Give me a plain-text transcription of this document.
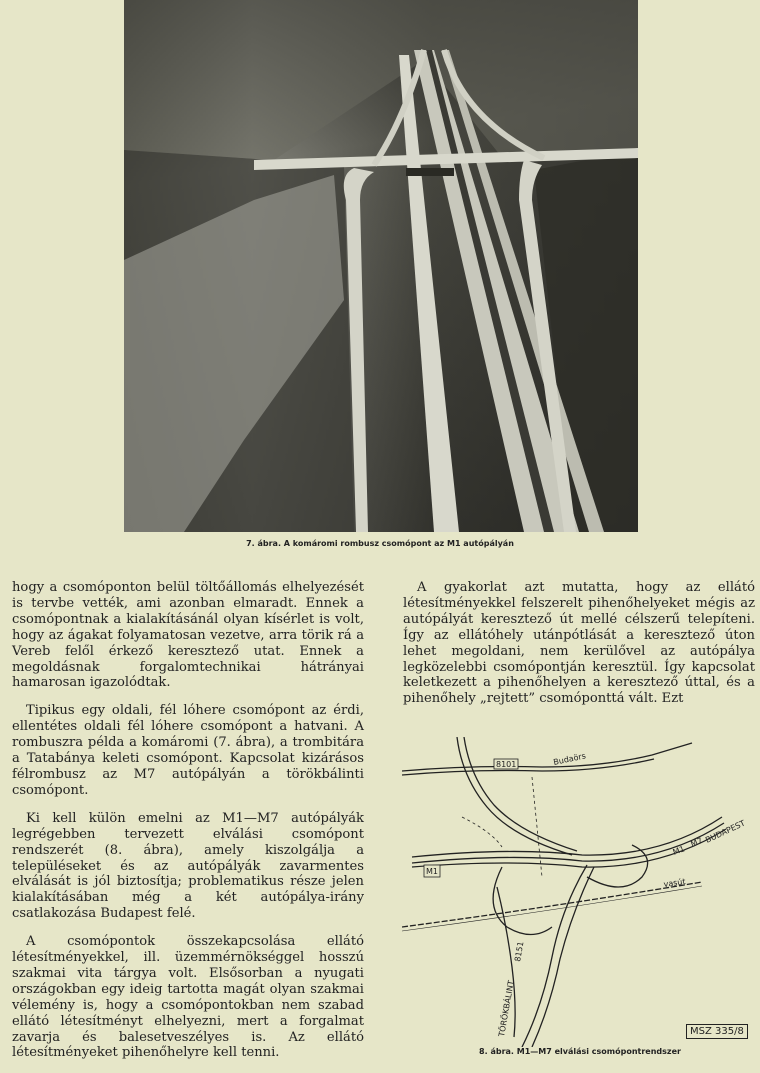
7. ábra. A komáromi rombusz csomópont az M1 autópályán

hogy a csomóponton belül töltőállomás elhelyezését is tervbe vették, ami azonban elmaradt. Ennek a csomópontnak a kialakításánál olyan kísérlet is volt, hogy az ágakat folyamatosan vezetve, arra törik rá a Vereb felől érkező keresztező utat. Ennek a megoldásnak forgalomtechnikai hátrányai hamarosan igazolódtak.

Tipikus egy oldali, fél lóhere csomópont az érdi, ellentétes oldali fél lóhere csomópont a hatvani. A rombuszra példa a komáromi (7. ábra), a trombitára a Tatabánya keleti csomópont. Kapcsolat kizárásos félrombusz az M7 autópályán a törökbálinti csomópont.

Ki kell külön emelni az M1—M7 autópályák legrégebben tervezett elválási csomópont rendszerét (8. ábra), amely kiszolgálja a településeket és az autópályák zavarmentes elválását is jól biztosítja; problematikus része jelen kialakításában még a két autópálya-irány csatlakozása Budapest felé.

A csomópontok összekapcsolása ellátó létesítményekkel, ill. üzemmérnökséggel hosszú szakmai vita tárgya volt. Elsősorban a nyugati országokban egy ideig tartotta magát olyan szakmai vélemény is, hogy a csomópontokban nem szabad ellátó létesítményt elhelyezni, mert a forgalmat zavarja és balesetveszélyes is. Az ellátó létesítményeket pihenőhelyre kell tenni.

A gyakorlat azt mutatta, hogy az ellátó létesítményekkel felszerelt pihenőhelyeket mégis az autópályát keresztező út mellé célszerű telepíteni. Így az ellátóhely utánpótlását a keresztező úton lehet megoldani, nem kerülővel az autópálya legközelebbi csomópontján keresztül. Így kapcsolat keletkezett a pihenőhelyen a keresztező úttal, és a pihenőhely „rejtett” csomóponttá vált. Ezt

8101	Budaörs
M1
M1
M7 BUDAPEST
vasút
8151
TÖRÖKBÁLINT	MSZ 335/8
8. ábra. M1—M7 elválási csomópontrendszer
